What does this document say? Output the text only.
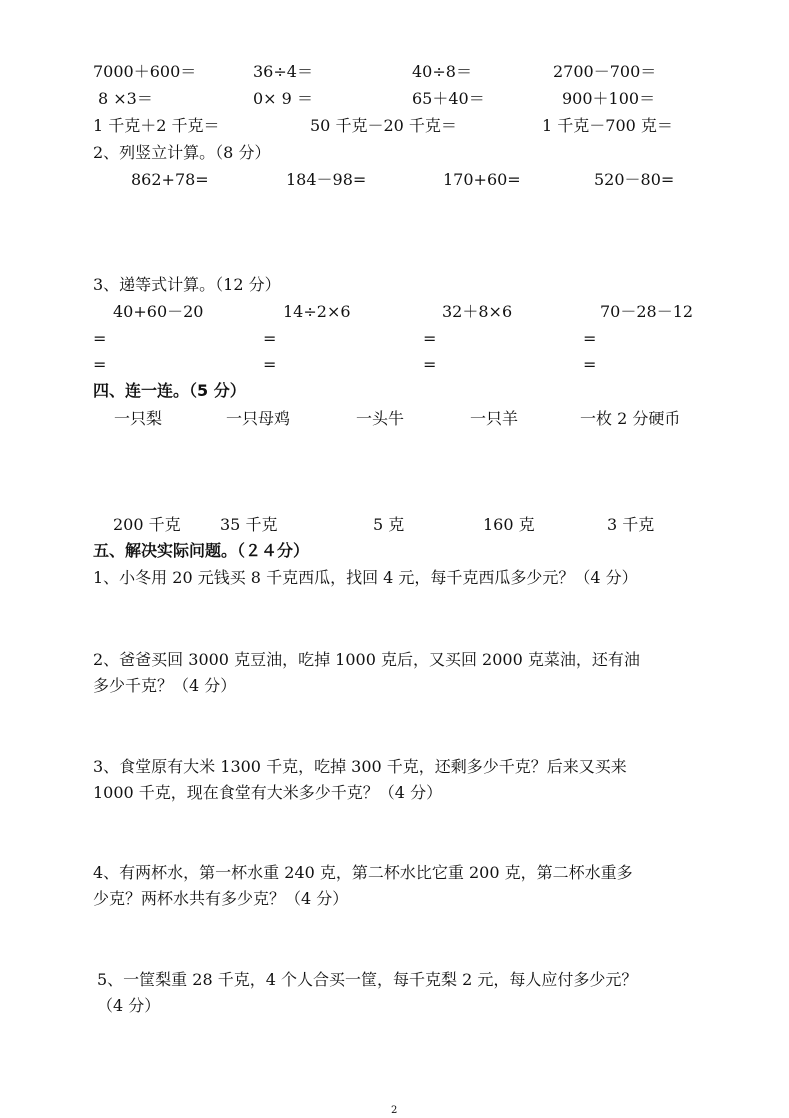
7000＋600＝	36÷4＝	40÷8＝	2700－700＝
8 ×3＝	0× 9 ＝	65＋40＝	900＋100＝
1 千克＋2 千克＝	50 千克－20 千克＝	1 千克－700 克＝
2、列竖立计算。（8 分）
862+78=	184－98=	170+60=	520－80=
3、递等式计算。（12 分）
40+60－20	14÷2×6	32＋8×6	70－28－12
=	=	=	=
=	=	=	=
四、连一连。（5 分）
一只梨	一只母鸡	一头牛	一只羊	一枚 2 分硬币
200 千克 35 千克	5 克	160 克	3 千克
五、解决实际问题。（２４分）
1、小冬用 20 元钱买 8 千克西瓜，找回 4 元，每千克西瓜多少元？（4 分）
2、爸爸买回 3000 克豆油，吃掉 1000 克后，又买回 2000 克菜油，还有油
多少千克？（4 分）
3、食堂原有大米 1300 千克，吃掉 300 千克，还剩多少千克？后来又买来
1000 千克，现在食堂有大米多少千克？（4 分）
4、有两杯水，第一杯水重 240 克，第二杯水比它重 200 克，第二杯水重多
少克？两杯水共有多少克？（4 分）
5、一筐梨重 28 千克，4 个人合买一筐，每千克梨 2 元，每人应付多少元？
（4 分）
2
